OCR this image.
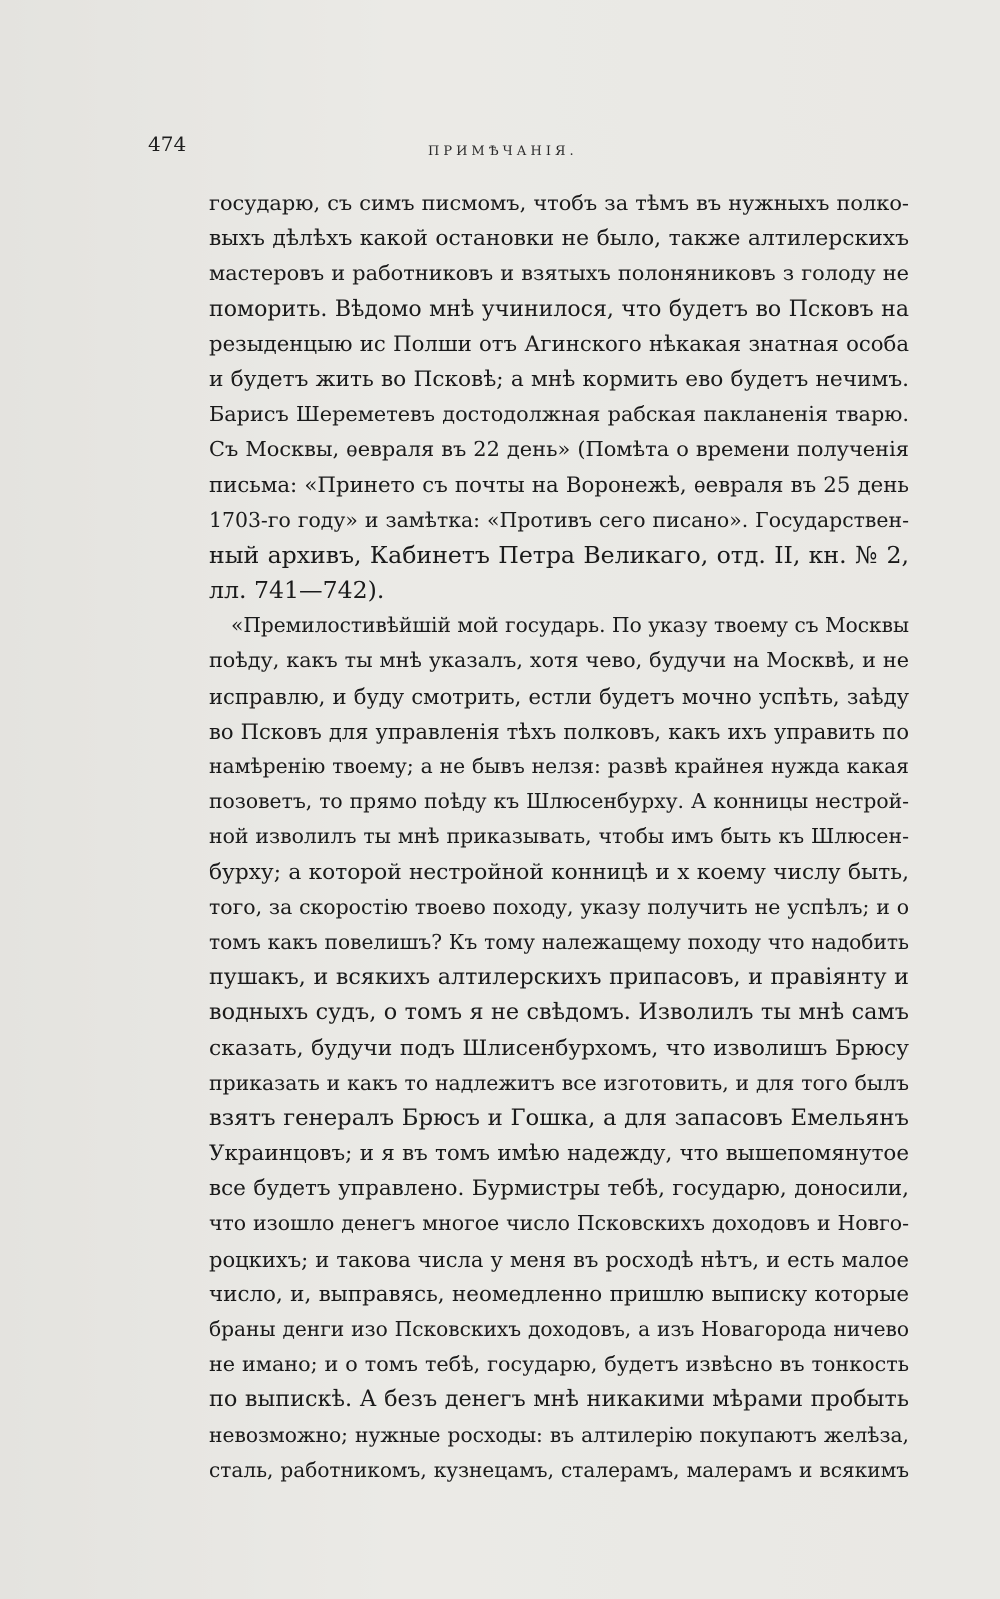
474	ПРИМѢЧАНІЯ.
государю, съ симъ писмомъ, чтобъ за тѣмъ въ нужныхъ полко-
выхъ дѣлѣхъ какой остановки не было, также алтилерскихъ
мастеровъ и работниковъ и взятыхъ полоняниковъ з голоду не
поморить. Вѣдомо мнѣ учинилося, что будетъ во Псковъ на
резыденцыю ис Полши отъ Агинского нѣкакая знатная особа
и будетъ жить во Псковѣ; а мнѣ кормить ево будетъ нечимъ.
Барисъ Шереметевъ достодолжная рабская пакланенія тварю.
Съ Москвы, ѳевраля въ 22 день» (Помѣта о времени полученія
письма: «Принето съ почты на Воронежѣ, ѳевраля въ 25 день
1703-го году» и замѣтка: «Противъ сего писано». Государствен-
ный архивъ, Кабинетъ Петра Великаго, отд. II, кн. № 2,
лл. 741—742).
«Премилостивѣйшій мой государь. По указу твоему съ Москвы
поѣду, какъ ты мнѣ указалъ, хотя чево, будучи на Москвѣ, и не
исправлю, и буду смотрить, естли будетъ мочно успѣть, заѣду
во Псковъ для управленія тѣхъ полковъ, какъ ихъ управить по
намѣренію твоему; а не бывъ нелзя: развѣ крайнея нужда какая
позоветъ, то прямо поѣду къ Шлюсенбурху. А конницы нестрой-
ной изволилъ ты мнѣ приказывать, чтобы имъ быть къ Шлюсен-
бурху; а которой нестройной конницѣ и х коему числу быть,
того, за скоростію твоево походу, указу получить не успѣлъ; и о
томъ какъ повелишъ? Къ тому належащему походу что надобить
пушакъ, и всякихъ алтилерскихъ припасовъ, и правіянту и
водныхъ судъ, о томъ я не свѣдомъ. Изволилъ ты мнѣ самъ
сказать, будучи подъ Шлисенбурхомъ, что изволишъ Брюсу
приказать и какъ то надлежитъ все изготовить, и для того былъ
взятъ генералъ Брюсъ и Гошка, а для запасовъ Емельянъ
Украинцовъ; и я въ томъ имѣю надежду, что вышепомянутое
все будетъ управлено. Бурмистры тебѣ, государю, доносили,
что изошло денегъ многое число Псковскихъ доходовъ и Новго-
роцкихъ; и такова числа у меня въ росходѣ нѣтъ, и есть малое
число, и, выправясь, неомедленно пришлю выписку которые
браны денги изо Псковскихъ доходовъ, а изъ Новагорода ничево
не имано; и о томъ тебѣ, государю, будетъ извѣсно въ тонкость
по выпискѣ. А безъ денегъ мнѣ никакими мѣрами пробыть
невозможно; нужные росходы: въ алтилерію покупаютъ желѣза,
сталь, работникомъ, кузнецамъ, сталерамъ, малерамъ и всякимъ
